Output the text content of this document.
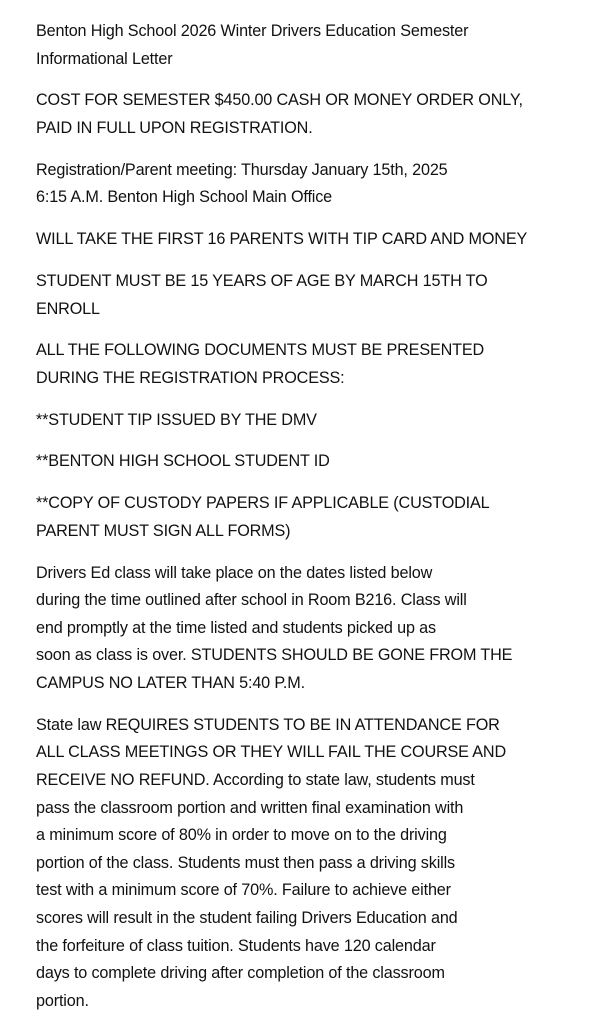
Benton High School 2026 Winter Drivers Education Semester
Informational Letter
COST FOR SEMESTER $450.00 CASH OR MONEY ORDER ONLY,
PAID IN FULL UPON REGISTRATION.
Registration/Parent meeting: Thursday January 15th, 2025
6:15 A.M. Benton High School Main Office
WILL TAKE THE FIRST 16 PARENTS WITH TIP CARD AND MONEY
STUDENT MUST BE 15 YEARS OF AGE BY MARCH 15TH TO
ENROLL
ALL THE FOLLOWING DOCUMENTS MUST BE PRESENTED
DURING THE REGISTRATION PROCESS:
**STUDENT TIP ISSUED BY THE DMV
**BENTON HIGH SCHOOL STUDENT ID
**COPY OF CUSTODY PAPERS IF APPLICABLE (CUSTODIAL
PARENT MUST SIGN ALL FORMS)
Drivers Ed class will take place on the dates listed below
during the time outlined after school in Room B216. Class will
end promptly at the time listed and students picked up as
soon as class is over. STUDENTS SHOULD BE GONE FROM THE
CAMPUS NO LATER THAN 5:40 P.M.
State law REQUIRES STUDENTS TO BE IN ATTENDANCE FOR
ALL CLASS MEETINGS OR THEY WILL FAIL THE COURSE AND
RECEIVE NO REFUND. According to state law, students must
pass the classroom portion and written final examination with
a minimum score of 80% in order to move on to the driving
portion of the class. Students must then pass a driving skills
test with a minimum score of 70%. Failure to achieve either
scores will result in the student failing Drivers Education and
the forfeiture of class tuition. Students have 120 calendar
days to complete driving after completion of the classroom
portion.
